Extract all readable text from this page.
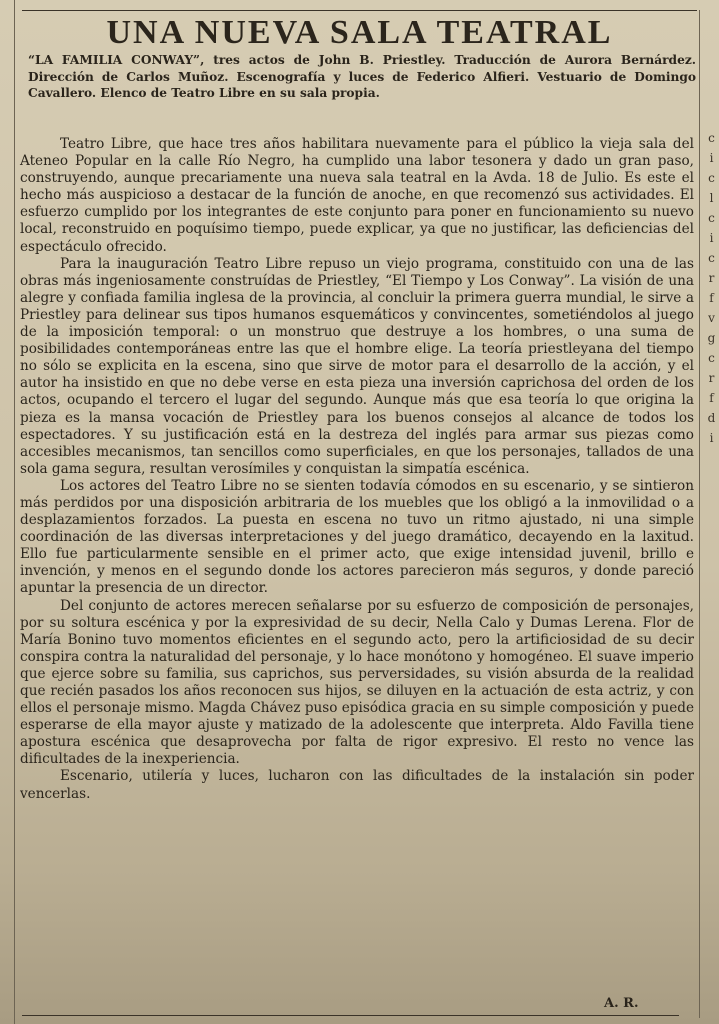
UNA NUEVA SALA TEATRAL

“LA FAMILIA CONWAY”, tres actos de John B. Priestley. Traducción de Aurora Bernárdez. Dirección de Carlos Muñoz. Escenografía y luces de Federico Alfieri. Vestuario de Domingo Cavallero. Elenco de Teatro Libre en su sala propia.

Teatro Libre, que hace tres años habilitara nuevamente para el público la vieja sala del Ateneo Popular en la calle Río Negro, ha cumplido una labor tesonera y dado un gran paso, construyendo, aunque precariamente una nueva sala teatral en la Avda. 18 de Julio. Es este el hecho más auspicioso a destacar de la función de anoche, en que recomenzó sus actividades. El esfuerzo cumplido por los integrantes de este conjunto para poner en funcionamiento su nuevo local, reconstruido en poquísimo tiempo, puede explicar, ya que no justificar, las deficiencias del espectáculo ofrecido.

Para la inauguración Teatro Libre repuso un viejo programa, constituido con una de las obras más ingeniosamente construídas de Priestley, “El Tiempo y Los Conway”. La visión de una alegre y confiada familia inglesa de la provincia, al concluir la primera guerra mundial, le sirve a Priestley para delinear sus tipos humanos esquemáticos y convincentes, sometiéndolos al juego de la imposición temporal: o un monstruo que destruye a los hombres, o una suma de posibilidades contemporáneas entre las que el hombre elige. La teoría priestleyana del tiempo no sólo se explicita en la escena, sino que sirve de motor para el desarrollo de la acción, y el autor ha insistido en que no debe verse en esta pieza una inversión caprichosa del orden de los actos, ocupando el tercero el lugar del segundo. Aunque más que esa teoría lo que origina la pieza es la mansa vocación de Priestley para los buenos consejos al alcance de todos los espectadores. Y su justificación está en la destreza del inglés para armar sus piezas como accesibles mecanismos, tan sencillos como superficiales, en que los personajes, tallados de una sola gama segura, resultan verosímiles y conquistan la simpatía escénica.

Los actores del Teatro Libre no se sienten todavía cómodos en su escenario, y se sintieron más perdidos por una disposición arbitraria de los muebles que los obligó a la inmovilidad o a desplazamientos forzados. La puesta en escena no tuvo un ritmo ajustado, ni una simple coordinación de las diversas interpretaciones y del juego dramático, decayendo en la laxitud. Ello fue particularmente sensible en el primer acto, que exige intensidad juvenil, brillo e invención, y menos en el segundo donde los actores parecieron más seguros, y donde pareció apuntar la presencia de un director.

Del conjunto de actores merecen señalarse por su esfuerzo de composición de personajes, por su soltura escénica y por la expresividad de su decir, Nella Calo y Dumas Lerena. Flor de María Bonino tuvo momentos eficientes en el segundo acto, pero la artificiosidad de su decir conspira contra la naturalidad del personaje, y lo hace monótono y homogéneo. El suave imperio que ejerce sobre su familia, sus caprichos, sus perversidades, su visión absurda de la realidad que recién pasados los años reconocen sus hijos, se diluyen en la actuación de esta actriz, y con ellos el personaje mismo. Magda Chávez puso episódica gracia en su simple composición y puede esperarse de ella mayor ajuste y matizado de la adolescente que interpreta. Aldo Favilla tiene apostura escénica que desaprovecha por falta de rigor expresivo. El resto no vence las dificultades de la inexperiencia.

Escenario, utilería y luces, lucharon con las dificultades de la instalación sin poder vencerlas.

A. R.
c
i
c
l
c
i
c
r
f
v
g
c
r
f
d
i
